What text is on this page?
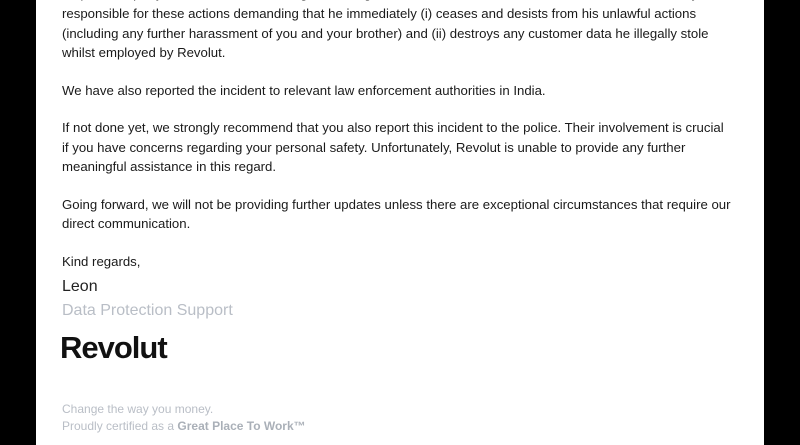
responsible for these actions demanding that he immediately (i) ceases and desists from his unlawful actions

(including any further harassment of you and your brother) and (ii) destroys any customer data he illegally stole

whilst employed by Revolut.

We have also reported the incident to relevant law enforcement authorities in India.

If not done yet, we strongly recommend that you also report this incident to the police. Their involvement is crucial

if you have concerns regarding your personal safety. Unfortunately, Revolut is unable to provide any further

meaningful assistance in this regard.

Going forward, we will not be providing further updates unless there are exceptional circumstances that require our

direct communication.

Kind regards,

Leon
Data Protection Support
Revolut
Change the way you money.
Proudly certified as a Great Place To Work™
